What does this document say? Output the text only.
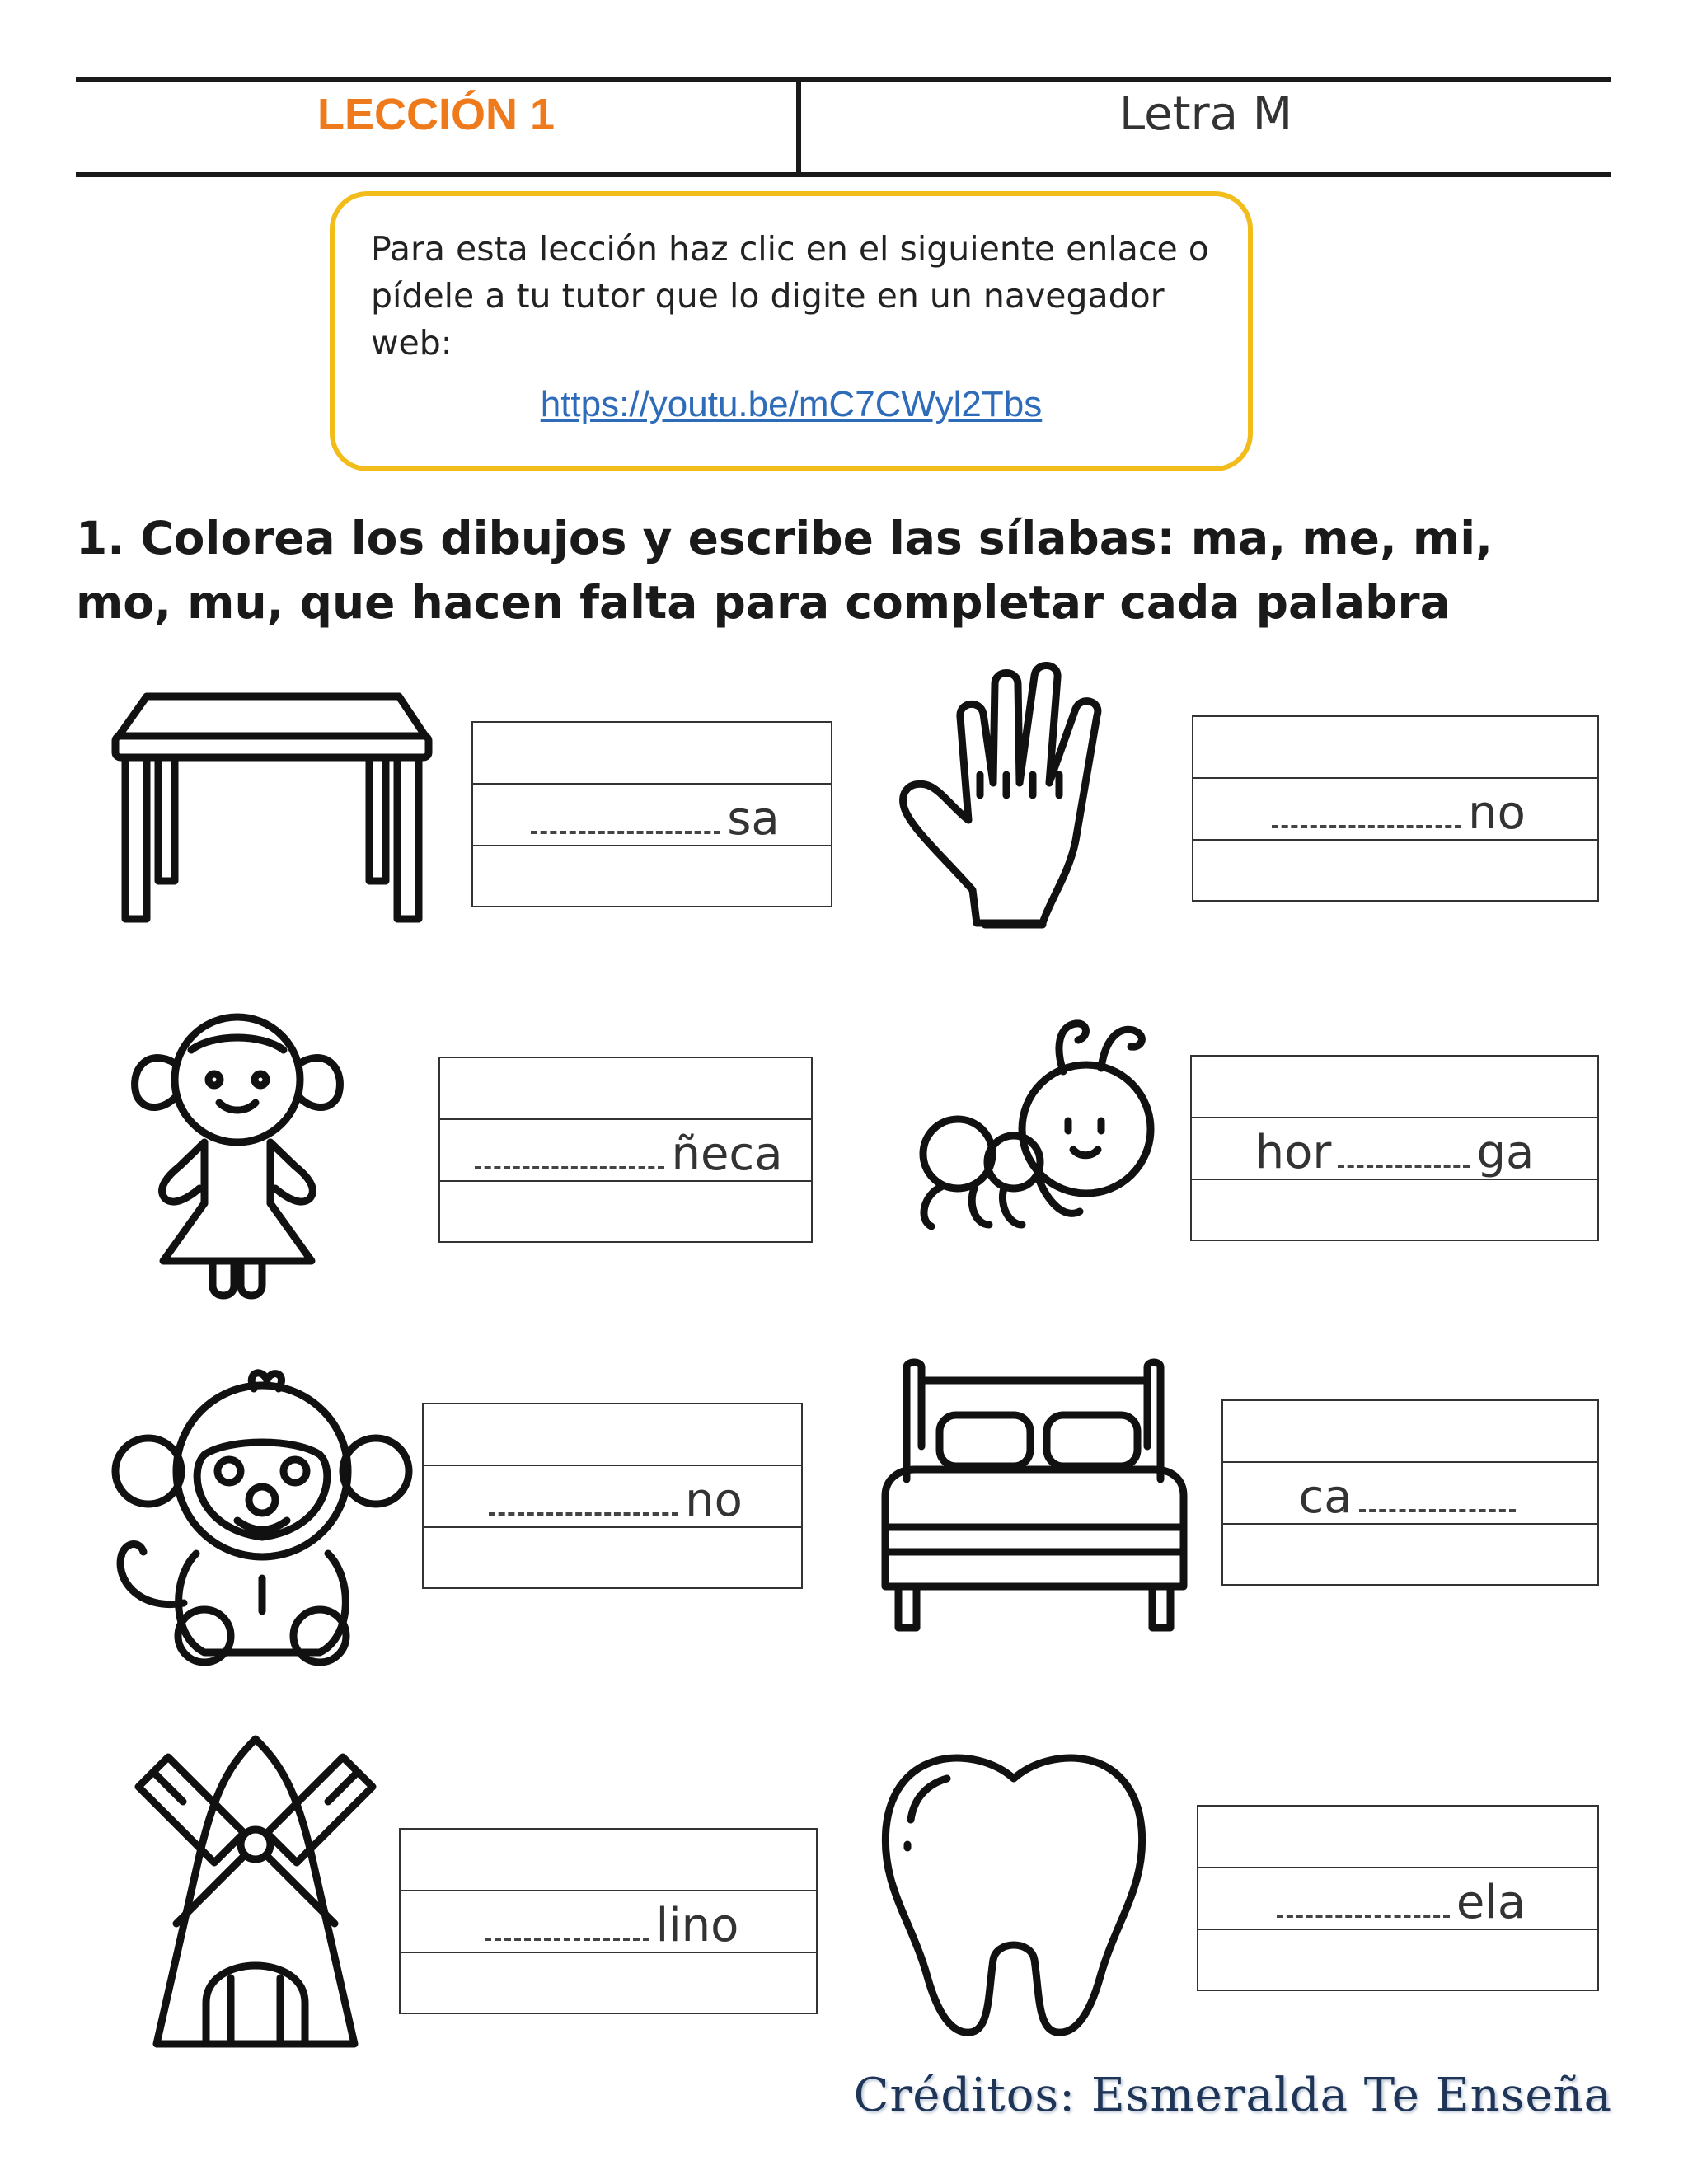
LECCIÓN 1	Letra M
Para esta lección haz clic en el siguiente enlace o pídele a tu tutor que lo digite en un navegador web:
https://youtu.be/mC7CWyl2Tbs
1. Colorea los dibujos y escribe las sílabas: ma, me, mi, mo, mu, que hacen falta para completar cada palabra
sa	no
ñeca	hor	ga
no	ca
lino	ela
Créditos: Esmeralda Te Enseña
